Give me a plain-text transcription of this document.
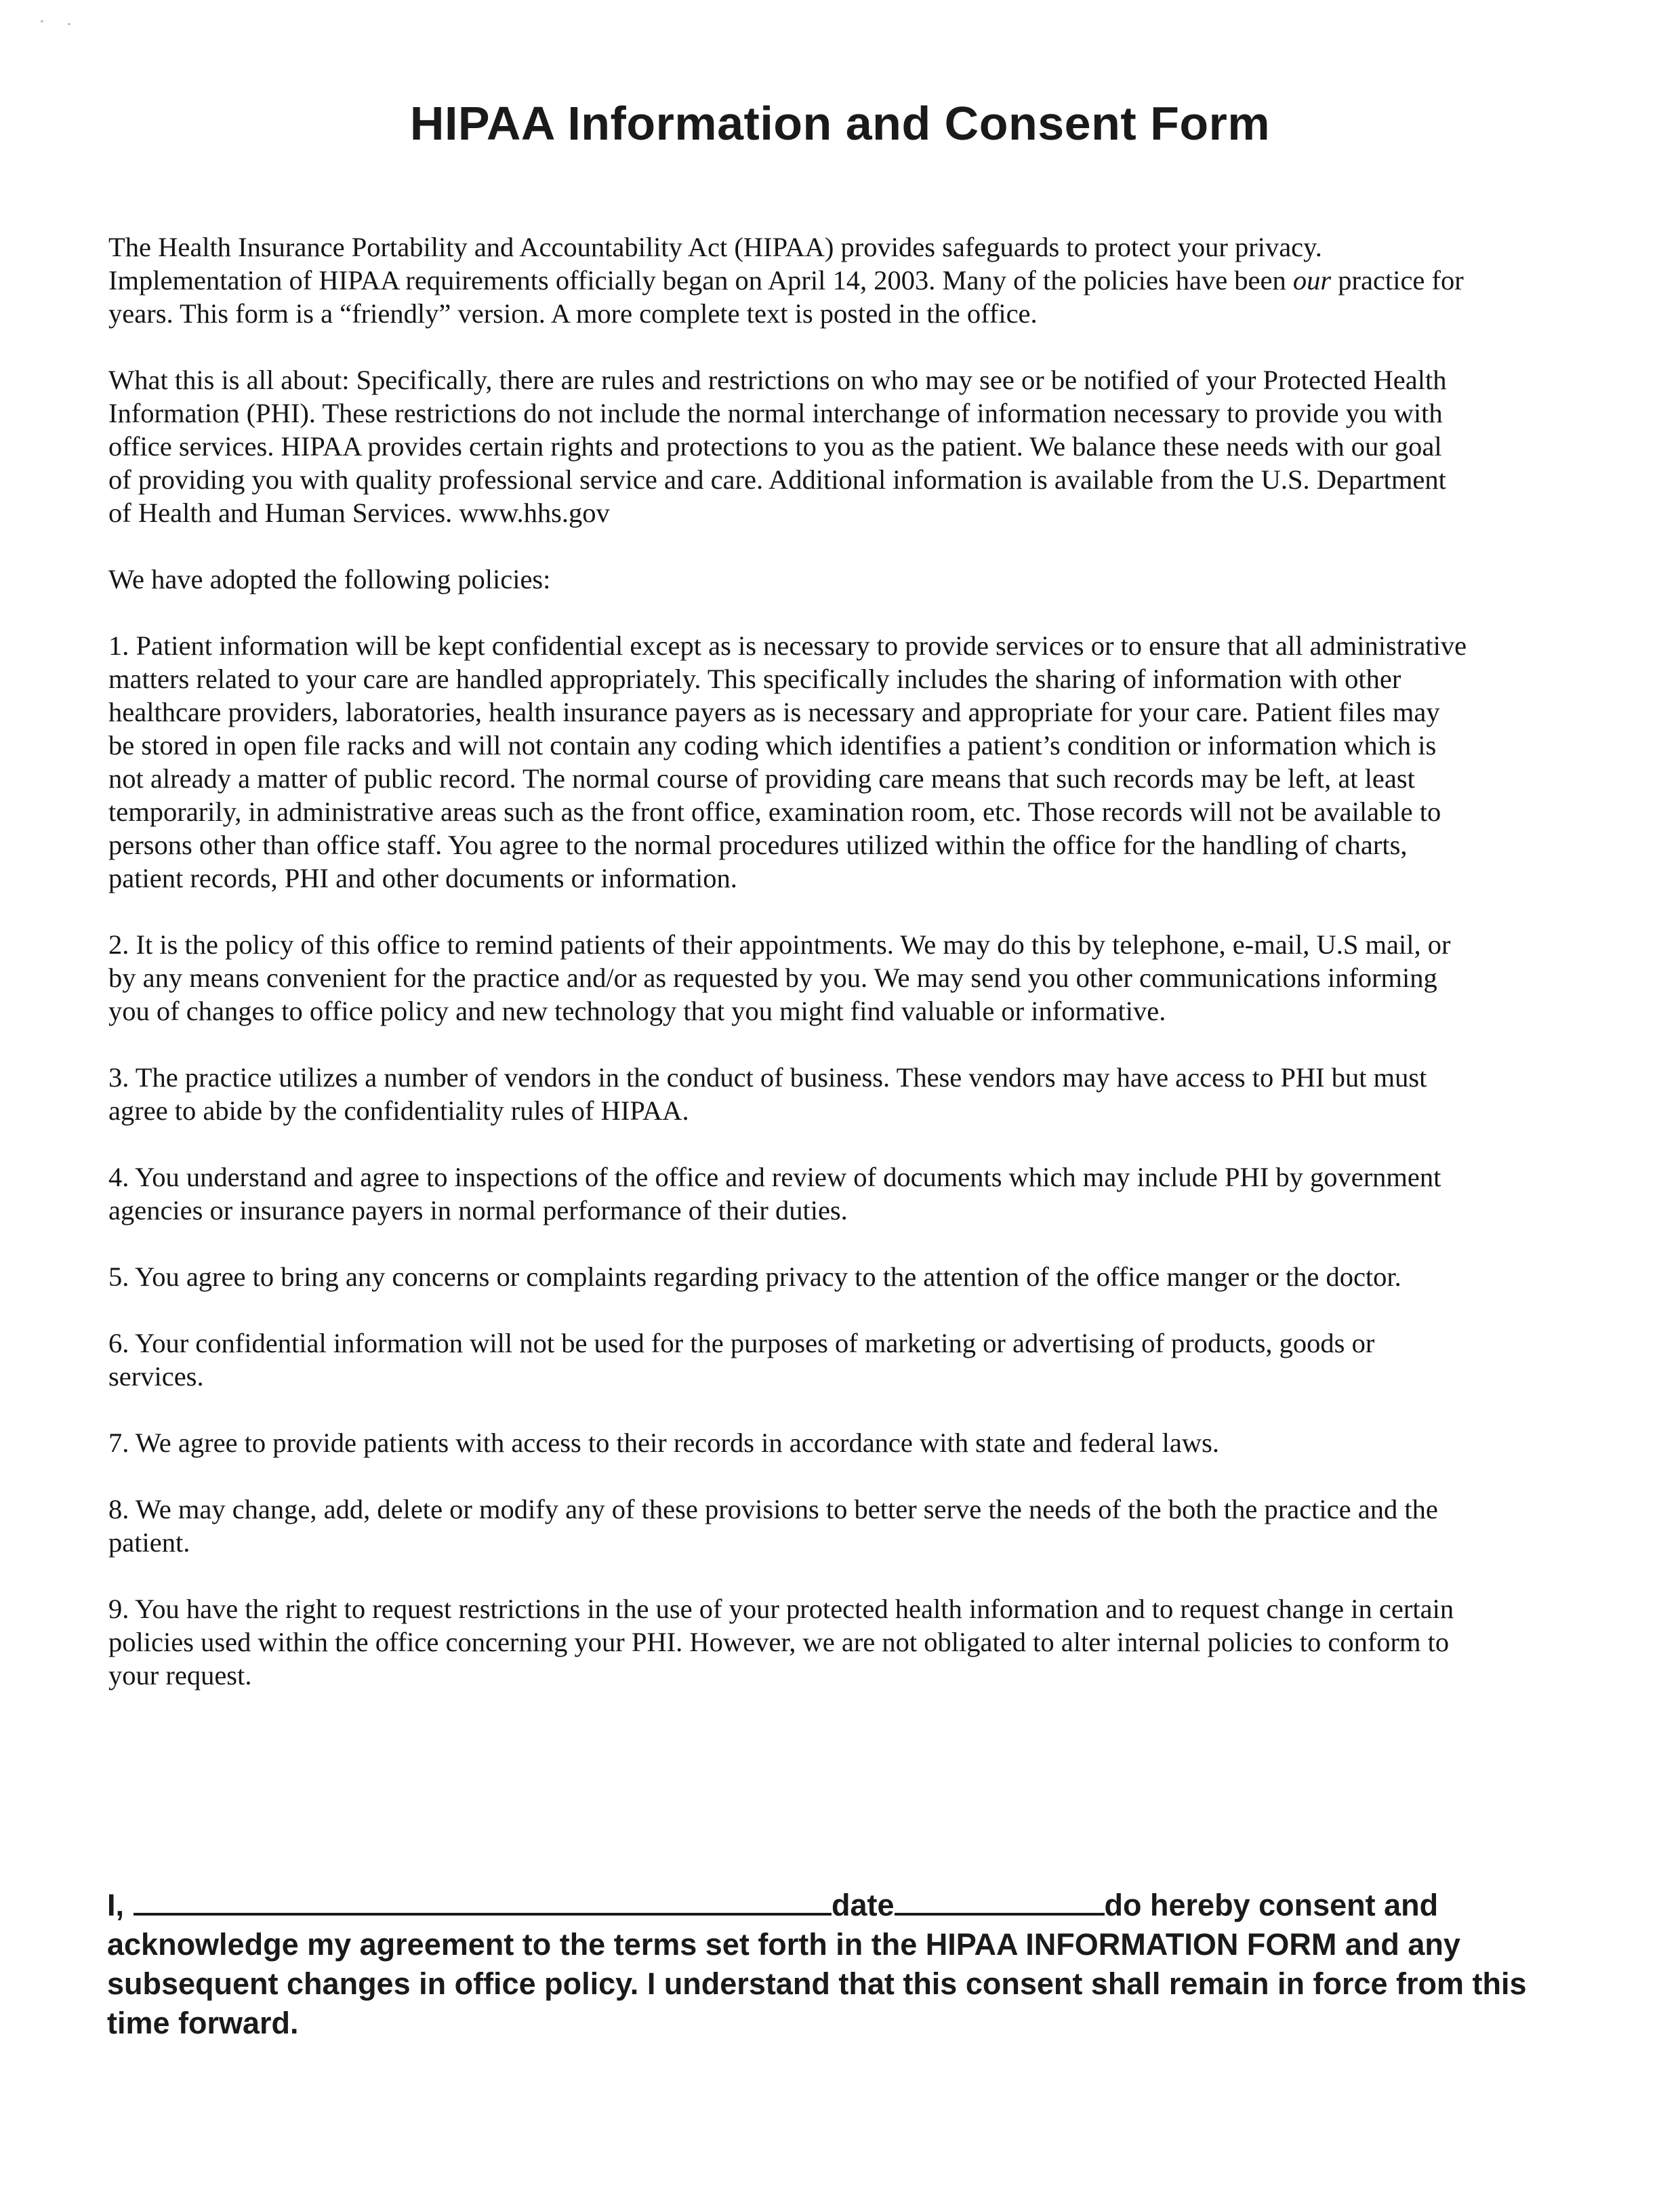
HIPAA Information and Consent Form

The Health Insurance Portability and Accountability Act (HIPAA) provides safeguards to protect your privacy. Implementation of HIPAA requirements officially began on April 14, 2003. Many of the policies have been our practice for years. This form is a “friendly” version. A more complete text is posted in the office.

What this is all about: Specifically, there are rules and restrictions on who may see or be notified of your Protected Health Information (PHI). These restrictions do not include the normal interchange of information necessary to provide you with office services. HIPAA provides certain rights and protections to you as the patient. We balance these needs with our goal of providing you with quality professional service and care. Additional information is available from the U.S. Department of Health and Human Services. www.hhs.gov

We have adopted the following policies:

1. Patient information will be kept confidential except as is necessary to provide services or to ensure that all administrative matters related to your care are handled appropriately. This specifically includes the sharing of information with other healthcare providers, laboratories, health insurance payers as is necessary and appropriate for your care. Patient files may be stored in open file racks and will not contain any coding which identifies a patient’s condition or information which is not already a matter of public record. The normal course of providing care means that such records may be left, at least temporarily, in administrative areas such as the front office, examination room, etc. Those records will not be available to persons other than office staff. You agree to the normal procedures utilized within the office for the handling of charts, patient records, PHI and other documents or information.

2. It is the policy of this office to remind patients of their appointments. We may do this by telephone, e-mail, U.S mail, or by any means convenient for the practice and/or as requested by you. We may send you other communications informing you of changes to office policy and new technology that you might find valuable or informative.

3. The practice utilizes a number of vendors in the conduct of business. These vendors may have access to PHI but must agree to abide by the confidentiality rules of HIPAA.

4. You understand and agree to inspections of the office and review of documents which may include PHI by government agencies or insurance payers in normal performance of their duties.

5. You agree to bring any concerns or complaints regarding privacy to the attention of the office manger or the doctor.

6. Your confidential information will not be used for the purposes of marketing or advertising of products, goods or services.

7. We agree to provide patients with access to their records in accordance with state and federal laws.

8. We may change, add, delete or modify any of these provisions to better serve the needs of the both the practice and the patient.

9. You have the right to request restrictions in the use of your protected health information and to request change in certain policies used within the office concerning your PHI. However, we are not obligated to alter internal policies to conform to your request.

I,	date	do hereby consent and acknowledge my agreement to the terms set forth in the HIPAA INFORMATION FORM and any subsequent changes in office policy. I understand that this consent shall remain in force from this time forward.
